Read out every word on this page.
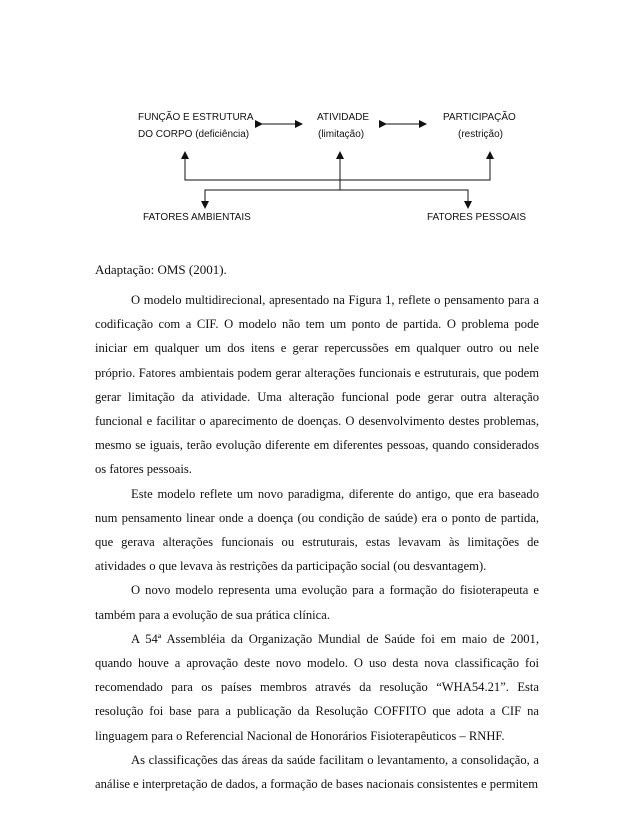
FUNÇÃO E ESTRUTURA
DO CORPO (deficiência)
ATIVIDADE
(limitação)
PARTICIPAÇÃO
(restrição)
FATORES AMBIENTAIS	FATORES PESSOAIS
Adaptação: OMS (2001).

O modelo multidirecional, apresentado na Figura 1, reflete o pensamento para a codificação com a CIF. O modelo não tem um ponto de partida. O problema pode iniciar em qualquer um dos itens e gerar repercussões em qualquer outro ou nele próprio. Fatores ambientais podem gerar alterações funcionais e estruturais, que podem gerar limitação da atividade. Uma alteração funcional pode gerar outra alteração funcional e facilitar o aparecimento de doenças. O desenvolvimento destes problemas, mesmo se iguais, terão evolução diferente em diferentes pessoas, quando considerados os fatores pessoais.

Este modelo reflete um novo paradigma, diferente do antigo, que era baseado num pensamento linear onde a doença (ou condição de saúde) era o ponto de partida, que gerava alterações funcionais ou estruturais, estas levavam às limitações de atividades o que levava às restrições da participação social (ou desvantagem).

O novo modelo representa uma evolução para a formação do fisioterapeuta e também para a evolução de sua prática clínica.

A 54ª Assembléia da Organização Mundial de Saúde foi em maio de 2001, quando houve a aprovação deste novo modelo. O uso desta nova classificação foi recomendado para os países membros através da resolução “WHA54.21”. Esta resolução foi base para a publicação da Resolução COFFITO que adota a CIF na linguagem para o Referencial Nacional de Honorários Fisioterapêuticos – RNHF.

As classificações das áreas da saúde facilitam o levantamento, a consolidação, a análise e interpretação de dados, a formação de bases nacionais consistentes e permitem
